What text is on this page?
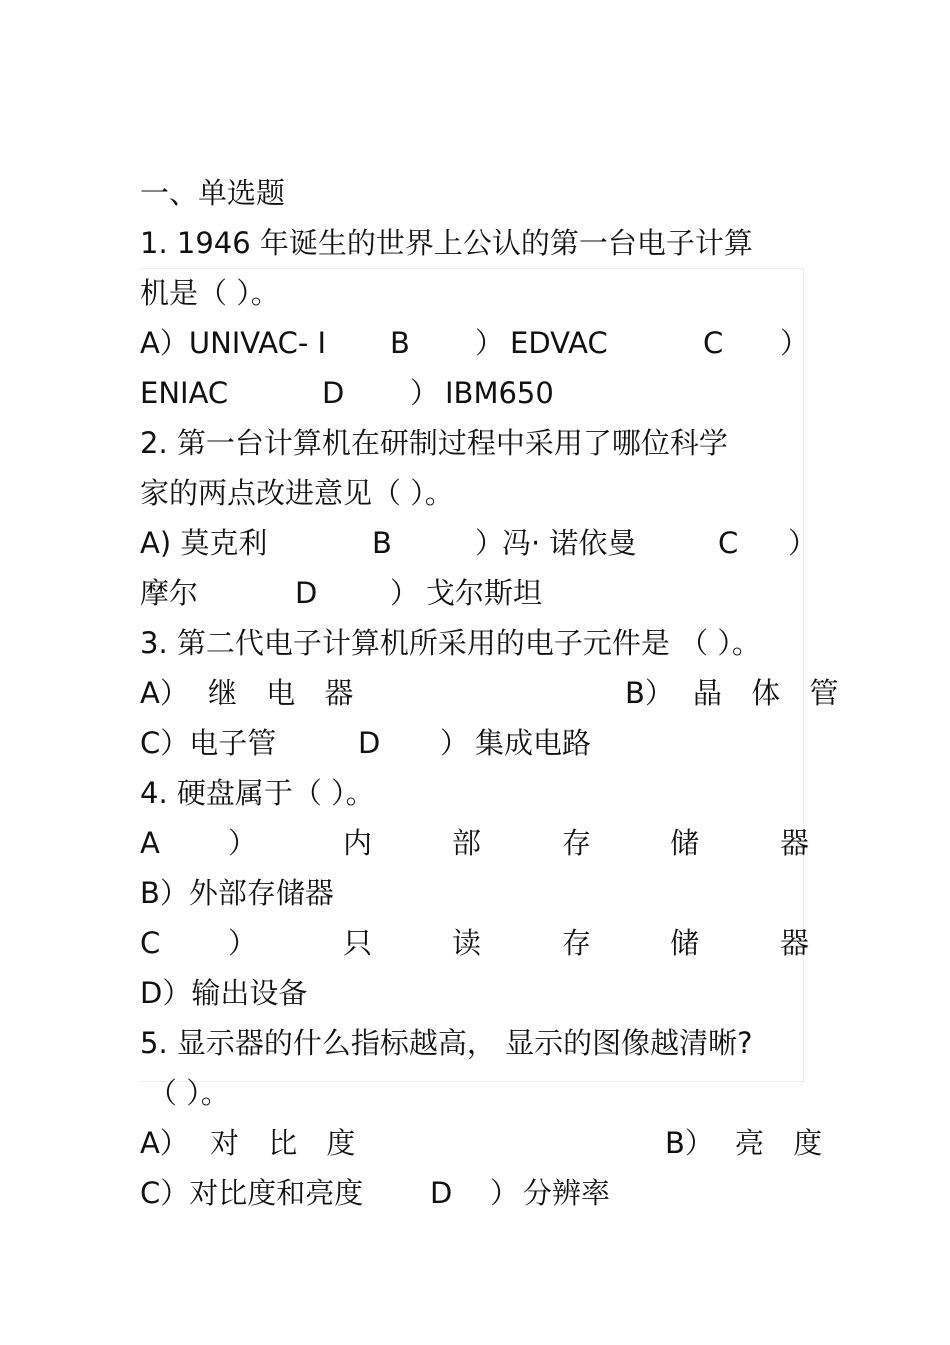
一、单选题
1. 1946 年诞生的世界上公认的第一台电子计算
机是（ ）。
A）UNIVAC- I B ） EDVAC	C ）
ENIAC	D ） IBM650
2. 第一台计算机在研制过程中采用了哪位科学
家的两点改进意见（ ）。
A) 莫克利	B	）
冯· 诺依曼	C ）
摩尔	D	） 戈尔斯坦
3. 第二代电子计算机所采用的电子元件是 （ ）。
A） 继 电 器	B） 晶 体 管
C）电子管	D ） 集成电路
4. 硬盘属于（ ）。
A ）	内	部	存	储	器
B）外部存储器
C ）	只	读	存	储	器
D）输出设备
5. 显示器的什么指标越高， 显示的图像越清晰?
（ ）。
A） 对 比 度	B） 亮 度
C）对比度和亮度 D ） 分辨率
